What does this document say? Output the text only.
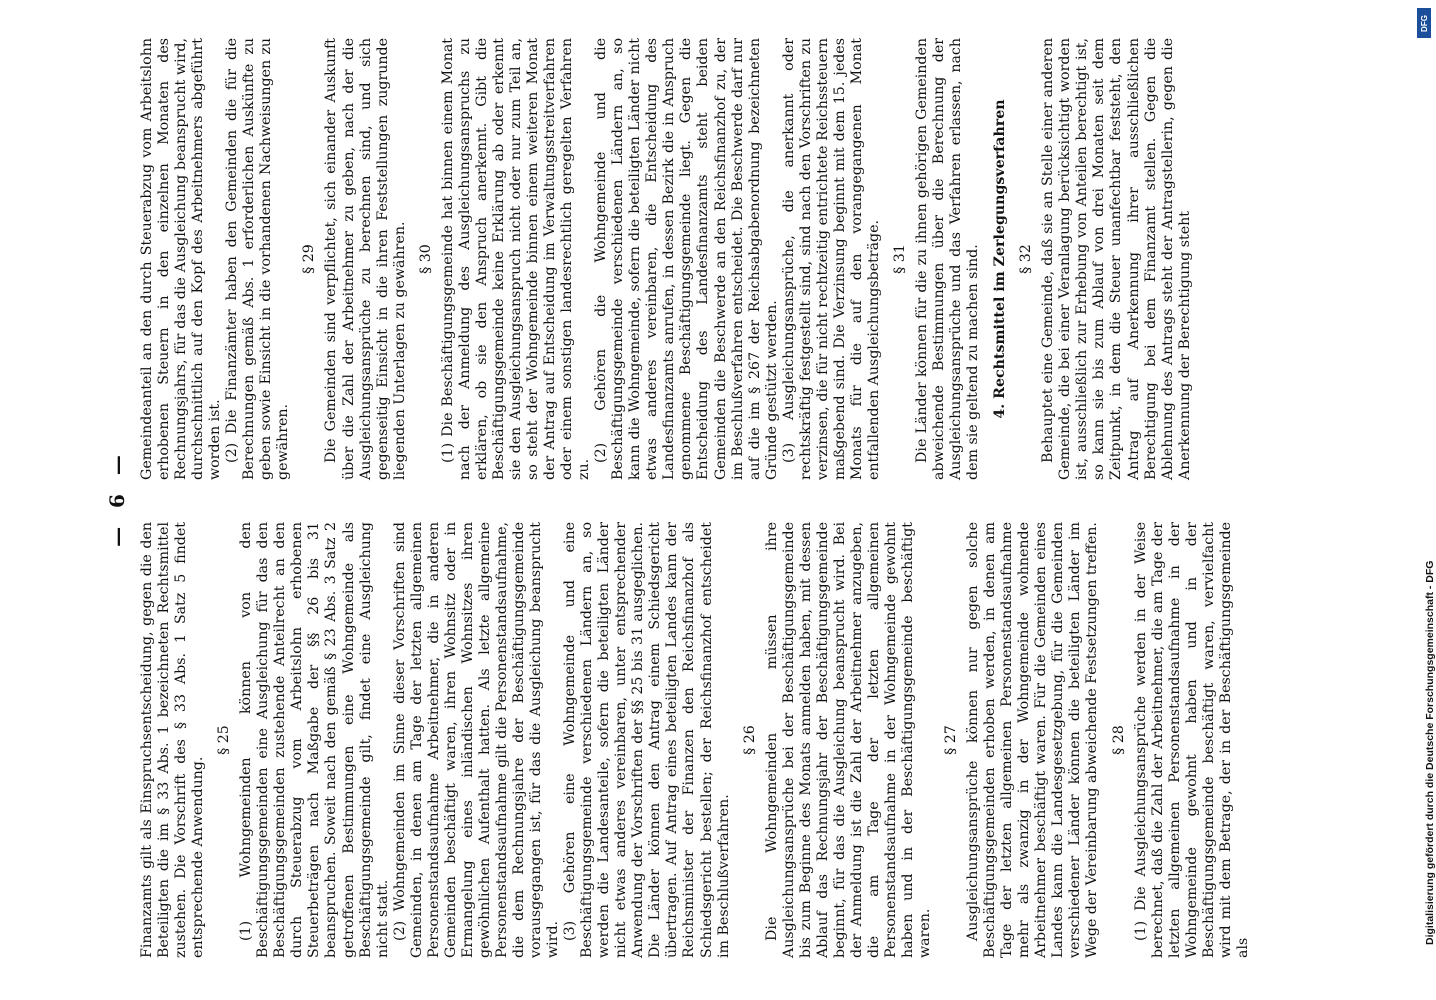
— 6 —
Finanzamts gilt als Einspruchsentscheidung, gegen die den Beteiligten die im § 33 Abs. 1 bezeichneten Rechtsmittel zustehen. Die Vorschrift des § 33 Abs. 1 Satz 5 findet entsprechende Anwendung.
§ 25 (1) Wohngemeinden können von den Beschäftigungsgemeinden eine Ausgleichung für das den Beschäftigungsgemeinden zustehende Anteilrecht an den durch Steuerabzug vom Arbeitslohn erhobenen Steuerbeträgen nach Maßgabe der §§ 26 bis 31 beanspruchen. Soweit nach den gemäß § 23 Abs. 3 Satz 2 getroffenen Bestimmungen eine Wohngemeinde als Beschäftigungsgemeinde gilt, findet eine Ausgleichung nicht statt. (2) Wohngemeinden im Sinne dieser Vorschriften sind Gemeinden, in denen am Tage der letzten allgemeinen Personenstandsaufnahme Arbeitnehmer, die in anderen Gemeinden beschäftigt waren, ihren Wohnsitz oder in Ermangelung eines inländischen Wohnsitzes ihren gewöhnlichen Aufenthalt hatten. Als letzte allgemeine Personenstandsaufnahme gilt die Personenstandsaufnahme, die dem Rechnungsjahre der Beschäftigungsgemeinde vorausgegangen ist, für das die Ausgleichung beansprucht wird. (3) Gehören eine Wohngemeinde und eine Beschäftigungsgemeinde verschiedenen Ländern an, so werden die Landesanteile, sofern die beteiligten Länder nicht etwas anderes vereinbaren, unter entsprechender Anwendung der Vorschriften der §§ 25 bis 31 ausgeglichen. Die Länder können den Antrag einem Schiedsgericht übertragen. Auf Antrag eines beteiligten Landes kann der Reichsminister der Finanzen den Reichsfinanzhof als Schiedsgericht bestellen; der Reichsfinanzhof entscheidet im Beschlußverfahren.
§ 26 Die Wohngemeinden müssen ihre Ausgleichungsansprüche bei der Beschäftigungsgemeinde bis zum Beginne des Monats anmelden haben, mit dessen Ablauf das Rechnungsjahr der Beschäftigungsgemeinde beginnt, für das die Ausgleichung beansprucht wird. Bei der Anmeldung ist die Zahl der Arbeitnehmer anzugeben, die am Tage der letzten allgemeinen Personenstandsaufnahme in der Wohngemeinde gewohnt haben und in der Beschäftigungsgemeinde beschäftigt waren.
§ 27 Ausgleichungsansprüche können nur gegen solche Beschäftigungsgemeinden erhoben werden, in denen am Tage der letzten allgemeinen Personenstandsaufnahme mehr als zwanzig in der Wohngemeinde wohnende Arbeitnehmer beschäftigt waren. Für die Gemeinden eines Landes kann die Landesgesetzgebung, für die Gemeinden verschiedener Länder können die beteiligten Länder im Wege der Vereinbarung abweichende Festsetzungen treffen. § 28 (1) Die Ausgleichungsansprüche werden in der Weise berechnet, daß die Zahl der Arbeitnehmer, die am Tage der letzten allgemeinen Personenstandsaufnahme in der Wohngemeinde gewohnt haben und in der Beschäftigungsgemeinde beschäftigt waren, vervielfacht wird mit dem Betrage, der in der Beschäftigungsgemeinde als
Gemeindeanteil an den durch Steuerabzug vom Arbeitslohn erhobenen Steuern in den einzelnen Monaten des Rechnungsjahrs, für das die Ausgleichung beansprucht wird, durchschnittlich auf den Kopf des Arbeitnehmers abgeführt worden ist. (2) Die Finanzämter haben den Gemeinden die für die Berechnungen gemäß Abs. 1 erforderlichen Auskünfte zu geben sowie Einsicht in die vorhandenen Nachweisungen zu gewähren.
§ 29 Die Gemeinden sind verpflichtet, sich einander Auskunft über die Zahl der Arbeitnehmer zu geben, nach der die Ausgleichungsansprüche zu berechnen sind, und sich gegenseitig Einsicht in die ihren Feststellungen zugrunde liegenden Unterlagen zu gewähren. § 30 (1) Die Beschäftigungsgemeinde hat binnen einem Monat nach der Anmeldung des Ausgleichungsanspruchs zu erklären, ob sie den Anspruch anerkennt. Gibt die Beschäftigungsgemeinde keine Erklärung ab oder erkennt sie den Ausgleichungsanspruch nicht oder nur zum Teil an, so steht der Wohngemeinde binnen einem weiteren Monat der Antrag auf Entscheidung im Verwaltungsstreitverfahren oder einem sonstigen landesrechtlich geregelten Verfahren zu.
(2) Gehören die Wohngemeinde und die Beschäftigungsgemeinde verschiedenen Ländern an, so kann die Wohngemeinde, sofern die beteiligten Länder nicht etwas anderes vereinbaren, die Entscheidung des Landesfinanzamts anrufen, in dessen Bezirk die in Anspruch genommene Beschäftigungsgemeinde liegt. Gegen die Entscheidung des Landesfinanzamts steht beiden Gemeinden die Beschwerde an den Reichsfinanzhof zu, der im Beschlußverfahren entscheidet. Die Beschwerde darf nur auf die im § 267 der Reichsabgabenordnung bezeichneten Gründe gestützt werden. (3) Ausgleichungsansprüche, die anerkannt oder rechtskräftig festgestellt sind, sind nach den Vorschriften zu verzinsen, die für nicht rechtzeitig entrichtete Reichssteuern maßgebend sind. Die Verzinsung beginnt mit dem 15. jedes Monats für die auf den vorangegangenen Monat entfallenden Ausgleichungsbeträge. § 31 Die Länder können für die zu ihnen gehörigen Gemeinden abweichende Bestimmungen über die Berechnung der Ausgleichungsansprüche und das Verfahren erlassen, nach dem sie geltend zu machen sind. 4. Rechtsmittel im Zerlegungsverfahren § 32 Behauptet eine Gemeinde, daß sie an Stelle einer anderen Gemeinde, die bei einer Veranlagung berücksichtigt worden ist, ausschließlich zur Erhebung von Anteilen berechtigt ist, so kann sie bis zum Ablauf von drei Monaten seit dem Zeitpunkt, in dem die Steuer unanfechtbar feststeht, den Antrag auf Anerkennung ihrer ausschließlichen Berechtigung bei dem Finanzamt stellen. Gegen die Ablehnung des Antrags steht der Antragstellerin, gegen die Anerkennung der Berechtigung steht
DFG
Digitalisierung gefördert durch die Deutsche Forschungsgemeinschaft - DFG
